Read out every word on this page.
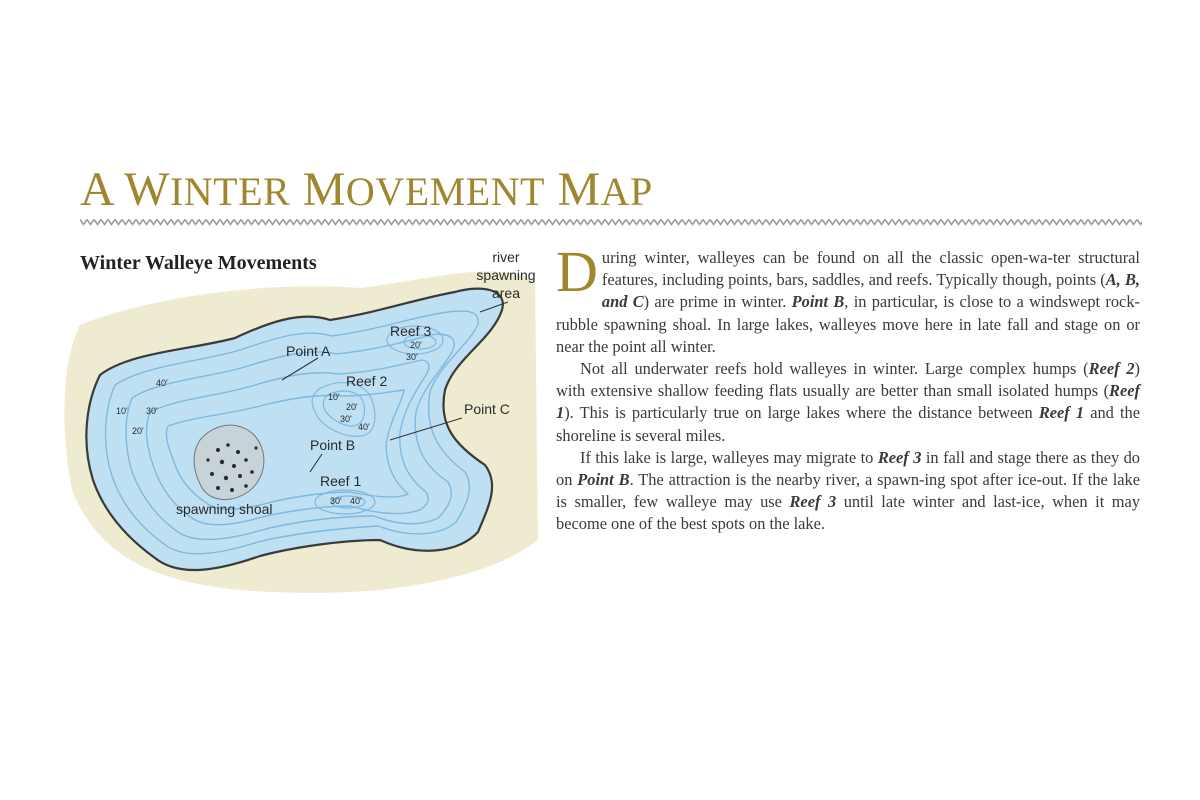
A WINTER MOVEMENT MAP
Winter Walleye Movements	river
spawning
area
Reef 3
Point A
Reef 2
Point C
Point B
Reef 1
spawning shoal
20'
30'
40'
10' 30'
20'
10'
20'
30'
40'
30' 40'

During winter, walleyes can be found on all the classic open-wa-ter structural features, including points, bars, saddles, and reefs. Typically though, points (A, B, and C) are prime in winter. Point B, in particular, is close to a windswept rock-rubble spawning shoal. In large lakes, walleyes move here in late fall and stage on or near the point all winter.

Not all underwater reefs hold walleyes in winter. Large complex humps (Reef 2) with extensive shallow feeding flats usually are better than small isolated humps (Reef 1). This is particularly true on large lakes where the distance between Reef 1 and the shoreline is several miles.

If this lake is large, walleyes may migrate to Reef 3 in fall and stage there as they do on Point B. The attraction is the nearby river, a spawn-ing spot after ice-out. If the lake is smaller, few walleye may use Reef 3 until late winter and last-ice, when it may become one of the best spots on the lake.
